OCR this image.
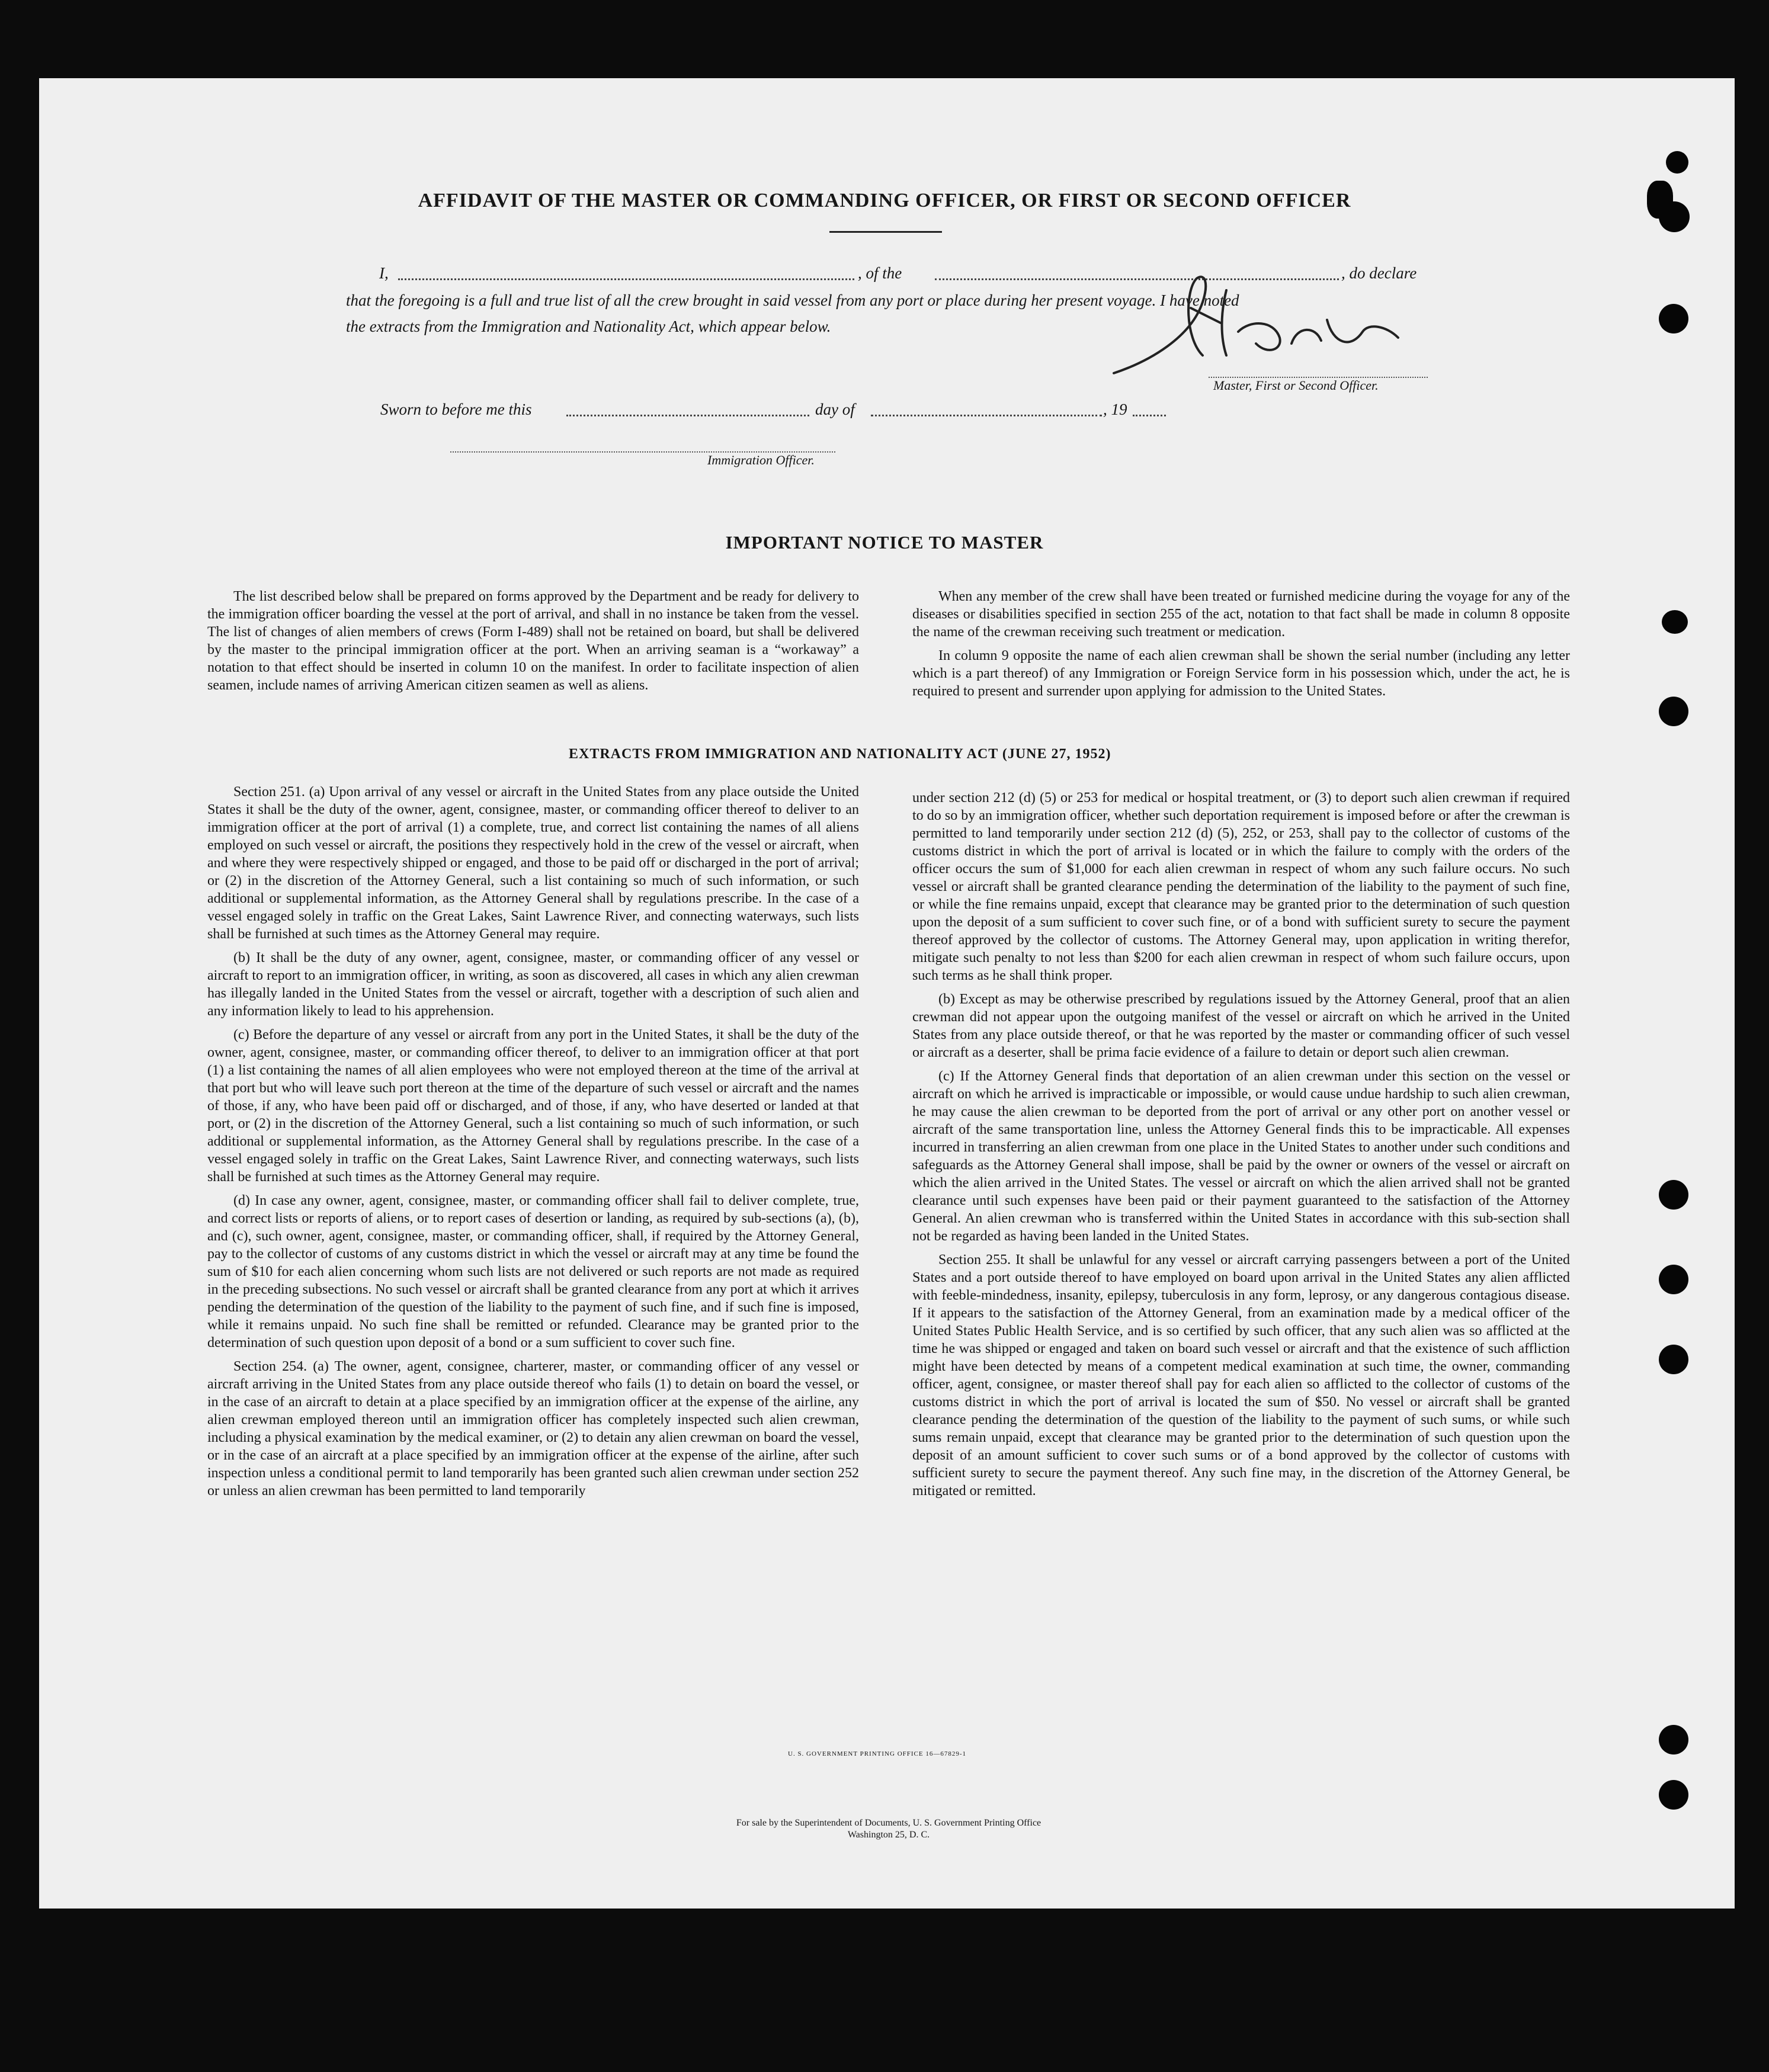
AFFIDAVIT OF THE MASTER OR COMMANDING OFFICER, OR FIRST OR SECOND OFFICER
I,	, of the	, do declare
that the foregoing is a full and true list of all the crew brought in said vessel from any port or place during her present voyage. I have noted
the extracts from the Immigration and Nationality Act, which appear below.
Master, First or Second Officer.
Sworn to before me this	day of	, 19
Immigration Officer.
IMPORTANT NOTICE TO MASTER

The list described below shall be prepared on forms approved by the Department and be ready for delivery to the immigration officer boarding the vessel at the port of arrival, and shall in no instance be taken from the vessel. The list of changes of alien members of crews (Form I-489) shall not be retained on board, but shall be delivered by the master to the principal immigration officer at the port. When an arriving seaman is a “workaway” a notation to that effect should be inserted in column 10 on the manifest. In order to facilitate inspection of alien seamen, include names of arriving American citizen seamen as well as aliens.

When any member of the crew shall have been treated or furnished medicine during the voyage for any of the diseases or disabilities specified in section 255 of the act, notation to that fact shall be made in column 8 opposite the name of the crewman receiving such treatment or medication.

In column 9 opposite the name of each alien crewman shall be shown the serial number (including any letter which is a part thereof) of any Immigration or Foreign Service form in his possession which, under the act, he is required to present and surrender upon applying for admission to the United States.

EXTRACTS FROM IMMIGRATION AND NATIONALITY ACT (JUNE 27, 1952)

Section 251. (a) Upon arrival of any vessel or aircraft in the United States from any place outside the United States it shall be the duty of the owner, agent, consignee, master, or commanding officer thereof to deliver to an immigration officer at the port of arrival (1) a complete, true, and correct list containing the names of all aliens employed on such vessel or aircraft, the positions they respectively hold in the crew of the vessel or aircraft, when and where they were respectively shipped or engaged, and those to be paid off or discharged in the port of arrival; or (2) in the discretion of the Attorney General, such a list containing so much of such information, or such additional or supplemental information, as the Attorney General shall by regulations prescribe. In the case of a vessel engaged solely in traffic on the Great Lakes, Saint Lawrence River, and connecting waterways, such lists shall be furnished at such times as the Attorney General may require.

(b) It shall be the duty of any owner, agent, consignee, master, or commanding officer of any vessel or aircraft to report to an immigration officer, in writing, as soon as discovered, all cases in which any alien crewman has illegally landed in the United States from the vessel or aircraft, together with a description of such alien and any information likely to lead to his apprehension.

(c) Before the departure of any vessel or aircraft from any port in the United States, it shall be the duty of the owner, agent, consignee, master, or commanding officer thereof, to deliver to an immigration officer at that port (1) a list containing the names of all alien employees who were not employed thereon at the time of the arrival at that port but who will leave such port thereon at the time of the departure of such vessel or aircraft and the names of those, if any, who have been paid off or discharged, and of those, if any, who have deserted or landed at that port, or (2) in the discretion of the Attorney General, such a list containing so much of such information, or such additional or supplemental information, as the Attorney General shall by regulations prescribe. In the case of a vessel engaged solely in traffic on the Great Lakes, Saint Lawrence River, and connecting waterways, such lists shall be furnished at such times as the Attorney General may require.

(d) In case any owner, agent, consignee, master, or commanding officer shall fail to deliver complete, true, and correct lists or reports of aliens, or to report cases of desertion or landing, as required by sub-sections (a), (b), and (c), such owner, agent, consignee, master, or commanding officer, shall, if required by the Attorney General, pay to the collector of customs of any customs district in which the vessel or aircraft may at any time be found the sum of $10 for each alien concerning whom such lists are not delivered or such reports are not made as required in the preceding subsections. No such vessel or aircraft shall be granted clearance from any port at which it arrives pending the determination of the question of the liability to the payment of such fine, and if such fine is imposed, while it remains unpaid. No such fine shall be remitted or refunded. Clearance may be granted prior to the determination of such question upon deposit of a bond or a sum sufficient to cover such fine.

Section 254. (a) The owner, agent, consignee, charterer, master, or commanding officer of any vessel or aircraft arriving in the United States from any place outside thereof who fails (1) to detain on board the vessel, or in the case of an aircraft to detain at a place specified by an immigration officer at the expense of the airline, any alien crewman employed thereon until an immigration officer has completely inspected such alien crewman, including a physical examination by the medical examiner, or (2) to detain any alien crewman on board the vessel, or in the case of an aircraft at a place specified by an immigration officer at the expense of the airline, after such inspection unless a conditional permit to land temporarily has been granted such alien crewman under section 252 or unless an alien crewman has been permitted to land temporarily

under section 212 (d) (5) or 253 for medical or hospital treatment, or (3) to deport such alien crewman if required to do so by an immigration officer, whether such deportation requirement is imposed before or after the crewman is permitted to land temporarily under section 212 (d) (5), 252, or 253, shall pay to the collector of customs of the customs district in which the port of arrival is located or in which the failure to comply with the orders of the officer occurs the sum of $1,000 for each alien crewman in respect of whom any such failure occurs. No such vessel or aircraft shall be granted clearance pending the determination of the liability to the payment of such fine, or while the fine remains unpaid, except that clearance may be granted prior to the determination of such question upon the deposit of a sum sufficient to cover such fine, or of a bond with sufficient surety to secure the payment thereof approved by the collector of customs. The Attorney General may, upon application in writing therefor, mitigate such penalty to not less than $200 for each alien crewman in respect of whom such failure occurs, upon such terms as he shall think proper.

(b) Except as may be otherwise prescribed by regulations issued by the Attorney General, proof that an alien crewman did not appear upon the outgoing manifest of the vessel or aircraft on which he arrived in the United States from any place outside thereof, or that he was reported by the master or commanding officer of such vessel or aircraft as a deserter, shall be prima facie evidence of a failure to detain or deport such alien crewman.

(c) If the Attorney General finds that deportation of an alien crewman under this section on the vessel or aircraft on which he arrived is impracticable or impossible, or would cause undue hardship to such alien crewman, he may cause the alien crewman to be deported from the port of arrival or any other port on another vessel or aircraft of the same transportation line, unless the Attorney General finds this to be impracticable. All expenses incurred in transferring an alien crewman from one place in the United States to another under such conditions and safeguards as the Attorney General shall impose, shall be paid by the owner or owners of the vessel or aircraft on which the alien arrived in the United States. The vessel or aircraft on which the alien arrived shall not be granted clearance until such expenses have been paid or their payment guaranteed to the satisfaction of the Attorney General. An alien crewman who is transferred within the United States in accordance with this sub-section shall not be regarded as having been landed in the United States.

Section 255. It shall be unlawful for any vessel or aircraft carrying passengers between a port of the United States and a port outside thereof to have employed on board upon arrival in the United States any alien afflicted with feeble-mindedness, insanity, epilepsy, tuberculosis in any form, leprosy, or any dangerous contagious disease. If it appears to the satisfaction of the Attorney General, from an examination made by a medical officer of the United States Public Health Service, and is so certified by such officer, that any such alien was so afflicted at the time he was shipped or engaged and taken on board such vessel or aircraft and that the existence of such affliction might have been detected by means of a competent medical examination at such time, the owner, commanding officer, agent, consignee, or master thereof shall pay for each alien so afflicted to the collector of customs of the customs district in which the port of arrival is located the sum of $50. No vessel or aircraft shall be granted clearance pending the determination of the question of the liability to the payment of such sums, or while such sums remain unpaid, except that clearance may be granted prior to the determination of such question upon the deposit of an amount sufficient to cover such sums or of a bond approved by the collector of customs with sufficient surety to secure the payment thereof. Any such fine may, in the discretion of the Attorney General, be mitigated or remitted.

U. S. GOVERNMENT PRINTING OFFICE 16—67829-1
For sale by the Superintendent of Documents, U. S. Government Printing Office
Washington 25, D. C.
